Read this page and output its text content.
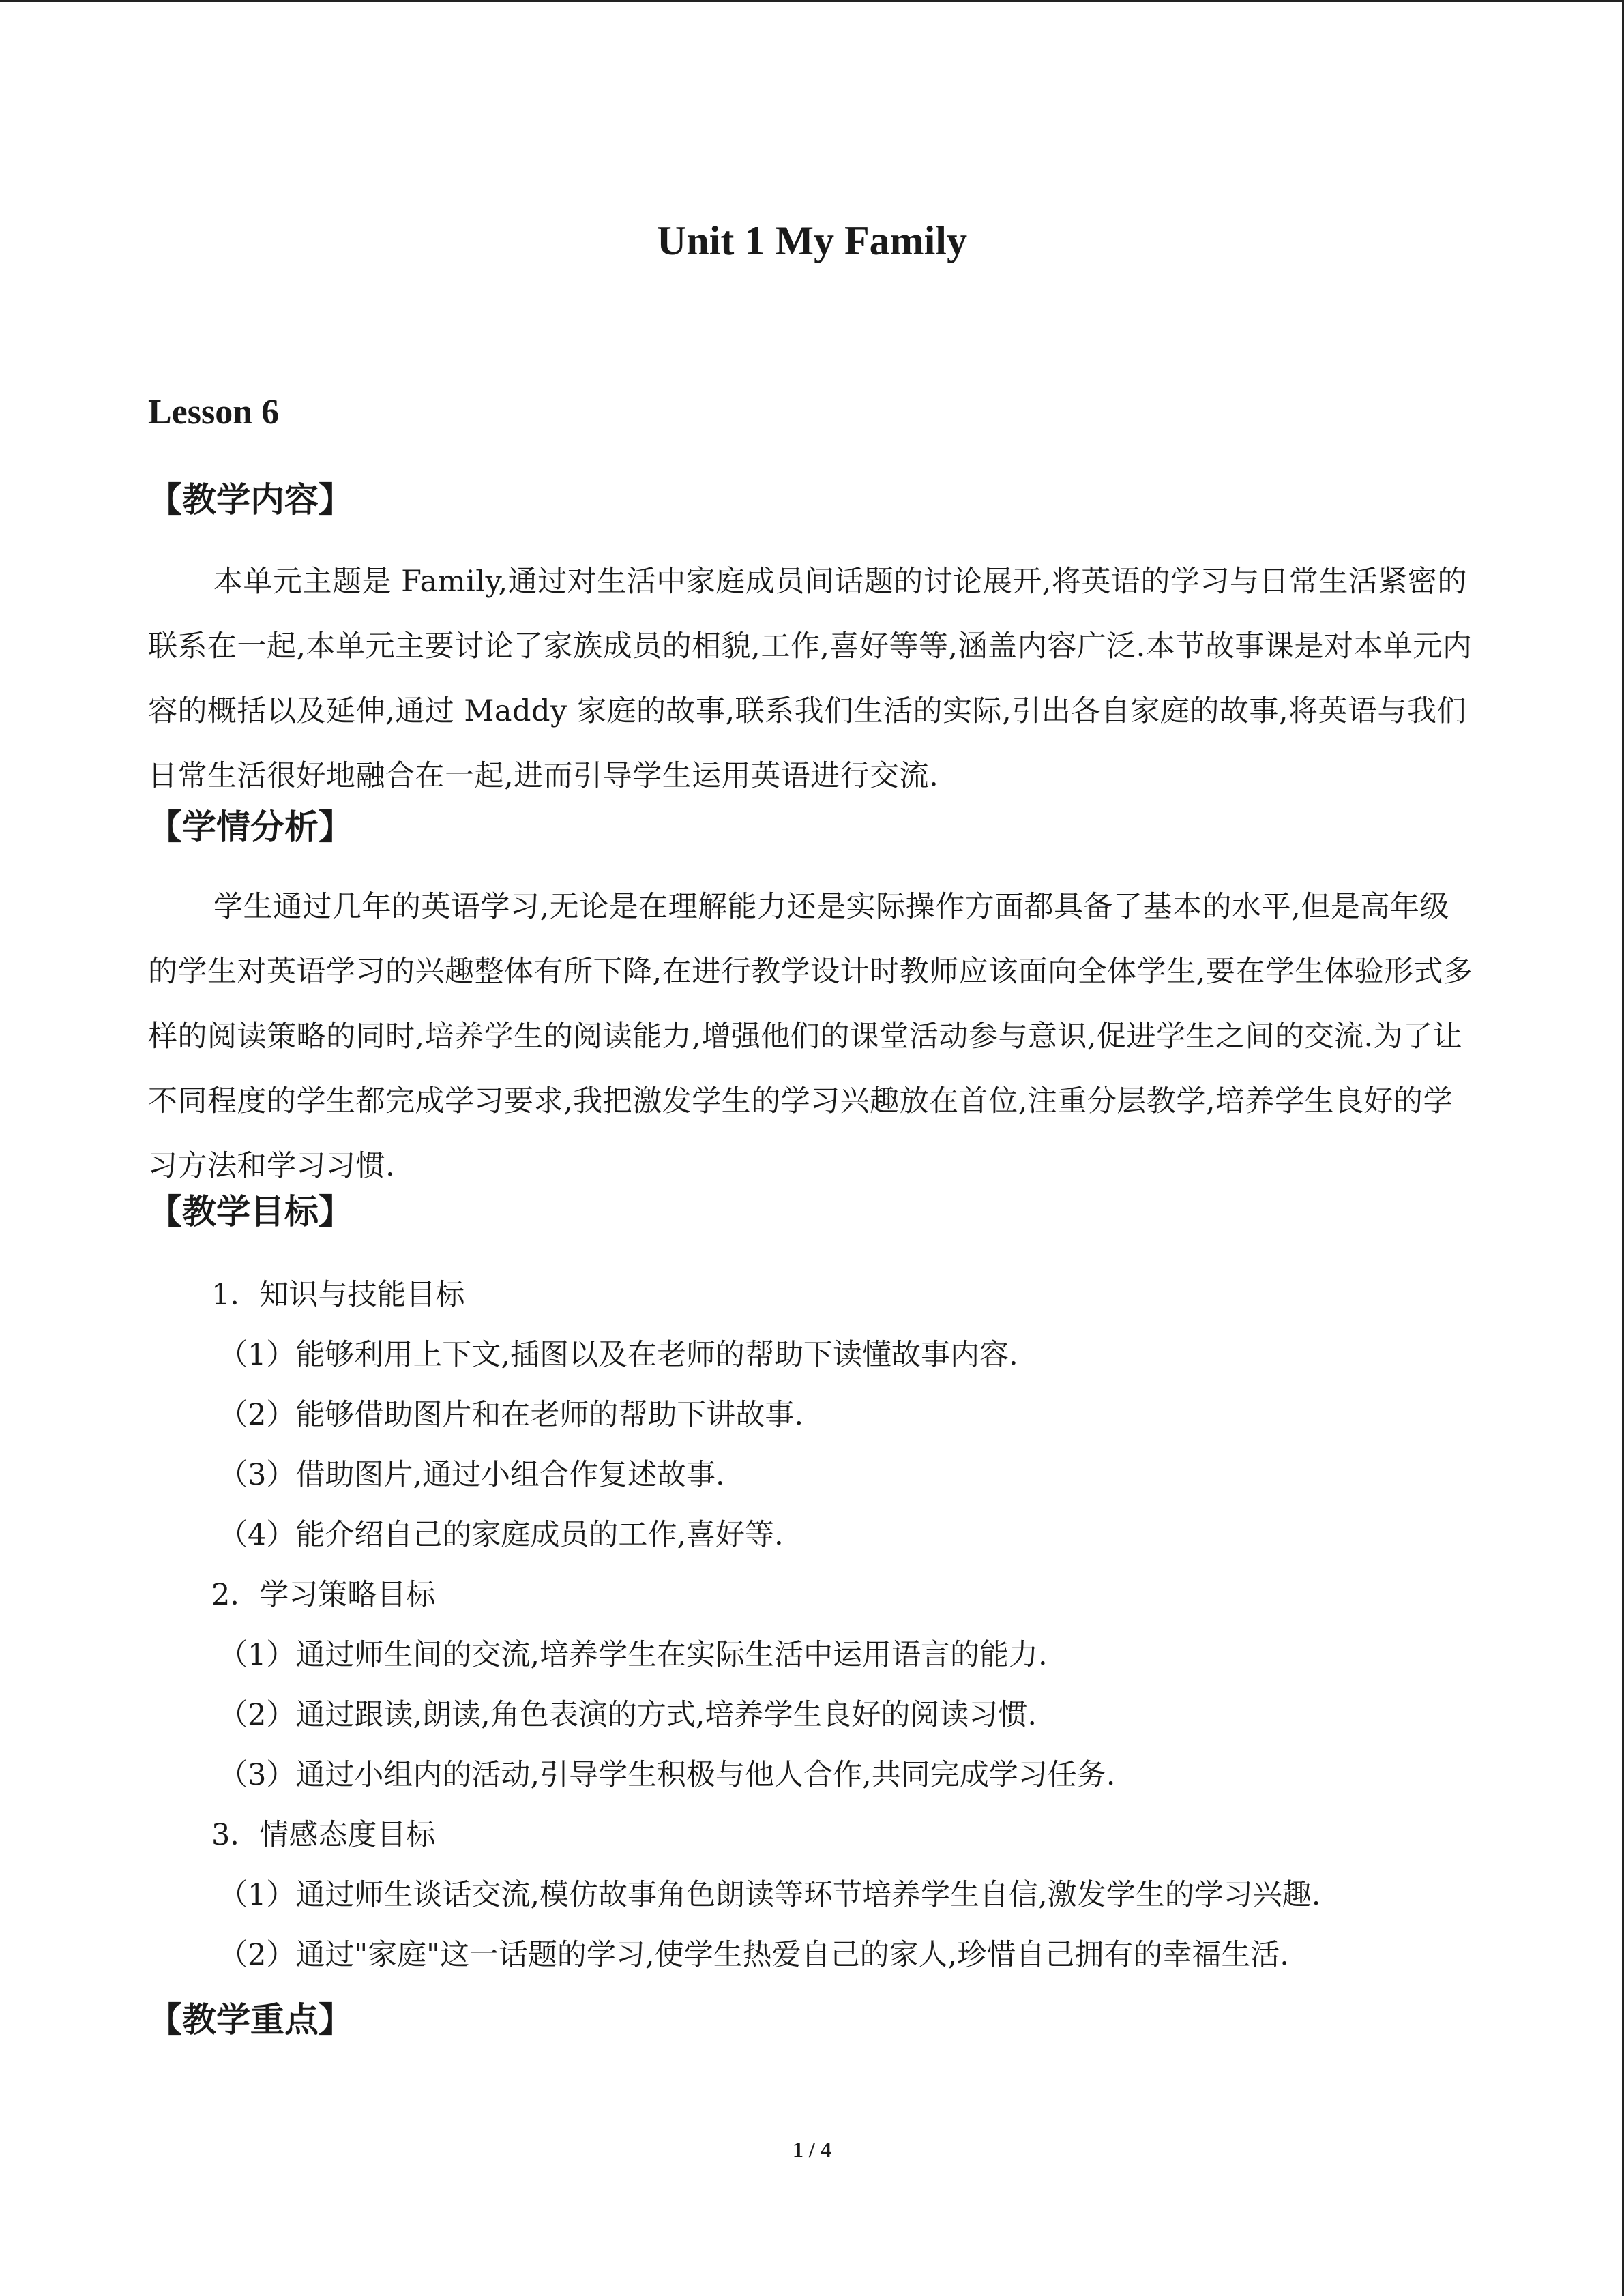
Unit 1 My Family
Lesson 6
【教学内容】

本单元主题是 Family,通过对生活中家庭成员间话题的讨论展开,将英语的学习与日常生活紧密的联系在一起,本单元主要讨论了家族成员的相貌,工作,喜好等等,涵盖内容广泛.本节故事课是对本单元内容的概括以及延伸,通过 Maddy 家庭的故事,联系我们生活的实际,引出各自家庭的故事,将英语与我们日常生活很好地融合在一起,进而引导学生运用英语进行交流.

【学情分析】

学生通过几年的英语学习,无论是在理解能力还是实际操作方面都具备了基本的水平,但是高年级的学生对英语学习的兴趣整体有所下降,在进行教学设计时教师应该面向全体学生,要在学生体验形式多样的阅读策略的同时,培养学生的阅读能力,增强他们的课堂活动参与意识,促进学生之间的交流.为了让不同程度的学生都完成学习要求,我把激发学生的学习兴趣放在首位,注重分层教学,培养学生良好的学习方法和学习习惯.

【教学目标】
1．知识与技能目标
（1）能够利用上下文,插图以及在老师的帮助下读懂故事内容.
（2）能够借助图片和在老师的帮助下讲故事.
（3）借助图片,通过小组合作复述故事.
（4）能介绍自己的家庭成员的工作,喜好等.
2．学习策略目标
（1）通过师生间的交流,培养学生在实际生活中运用语言的能力.
（2）通过跟读,朗读,角色表演的方式,培养学生良好的阅读习惯.
（3）通过小组内的活动,引导学生积极与他人合作,共同完成学习任务.
3．情感态度目标
（1）通过师生谈话交流,模仿故事角色朗读等环节培养学生自信,激发学生的学习兴趣.
（2）通过"家庭"这一话题的学习,使学生热爱自己的家人,珍惜自己拥有的幸福生活.
【教学重点】
1 / 4
